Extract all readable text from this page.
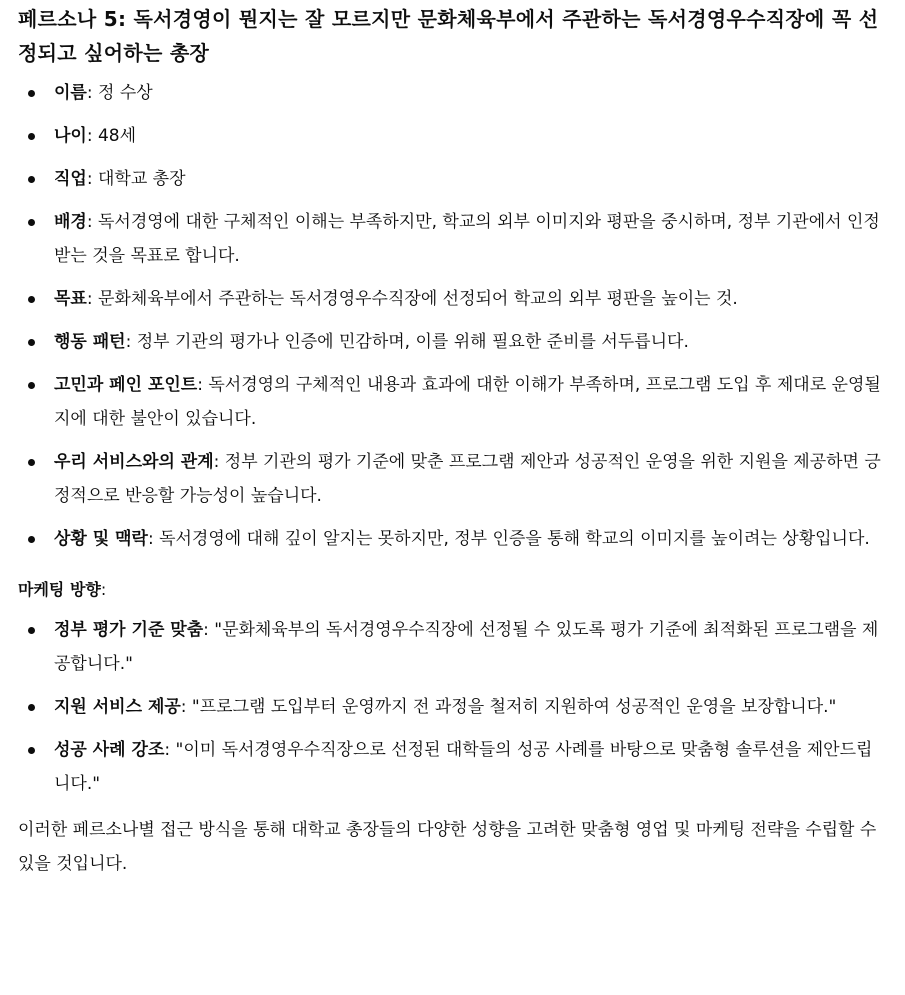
페르소나 5: 독서경영이 뭔지는 잘 모르지만 문화체육부에서 주관하는 독서경영우수직장에 꼭 선정되고 싶어하는 총장
이름: 정 수상
나이: 48세
직업: 대학교 총장
배경: 독서경영에 대한 구체적인 이해는 부족하지만, 학교의 외부 이미지와 평판을 중시하며, 정부 기관에서 인정받는 것을 목표로 합니다.
목표: 문화체육부에서 주관하는 독서경영우수직장에 선정되어 학교의 외부 평판을 높이는 것.
행동 패턴: 정부 기관의 평가나 인증에 민감하며, 이를 위해 필요한 준비를 서두릅니다.
고민과 페인 포인트: 독서경영의 구체적인 내용과 효과에 대한 이해가 부족하며, 프로그램 도입 후 제대로 운영될지에 대한 불안이 있습니다.
우리 서비스와의 관계: 정부 기관의 평가 기준에 맞춘 프로그램 제안과 성공적인 운영을 위한 지원을 제공하면 긍정적으로 반응할 가능성이 높습니다.
상황 및 맥락: 독서경영에 대해 깊이 알지는 못하지만, 정부 인증을 통해 학교의 이미지를 높이려는 상황입니다.

마케팅 방향:

정부 평가 기준 맞춤: "문화체육부의 독서경영우수직장에 선정될 수 있도록 평가 기준에 최적화된 프로그램을 제공합니다."
지원 서비스 제공: "프로그램 도입부터 운영까지 전 과정을 철저히 지원하여 성공적인 운영을 보장합니다."
성공 사례 강조: "이미 독서경영우수직장으로 선정된 대학들의 성공 사례를 바탕으로 맞춤형 솔루션을 제안드립니다."

이러한 페르소나별 접근 방식을 통해 대학교 총장들의 다양한 성향을 고려한 맞춤형 영업 및 마케팅 전략을 수립할 수 있을 것입니다.
